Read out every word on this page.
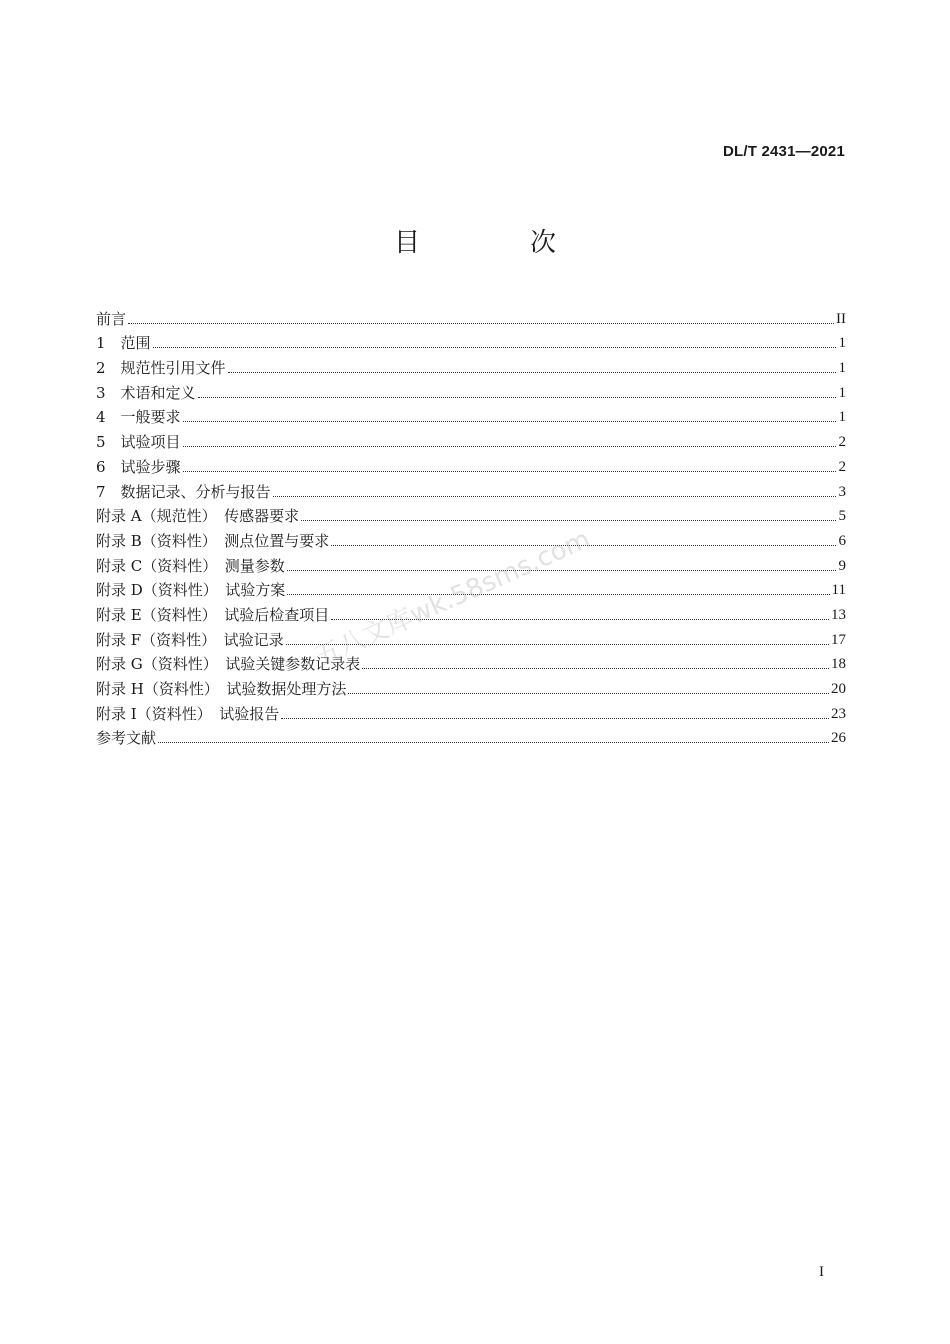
DL/T 2431—2021
目　次
前言	II
1　范围	1
2　规范性引用文件	1
3　术语和定义	1
4　一般要求	1
5　试验项目	2
6　试验步骤	2
7　数据记录、分析与报告	3
附录 A（规范性）　传感器要求	5
附录 B（资料性）　测点位置与要求	6
附录 C（资料性）　测量参数	9
附录 D（资料性）　试验方案	11
附录 E（资料性）　试验后检查项目	13
附录 F（资料性）　试验记录	17
附录 G（资料性）　试验关键参数记录表	18
附录 H（资料性）　试验数据处理方法	20
附录 I（资料性）　试验报告	23
参考文献	26
五八文库wk.58sms.com
I
